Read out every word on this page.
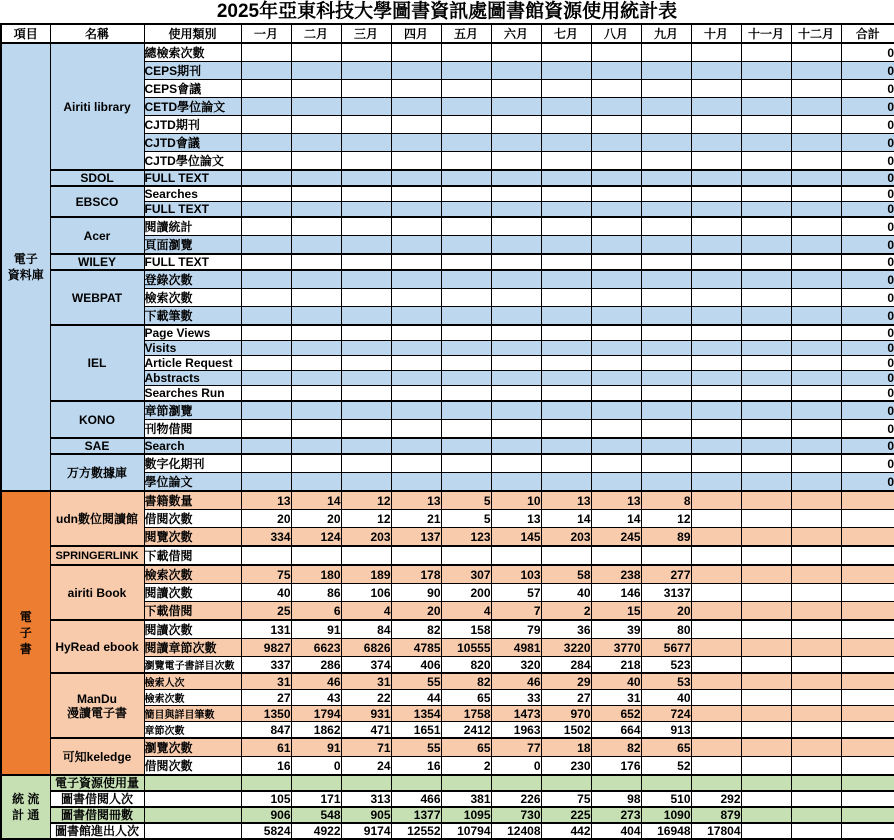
2025年亞東科技大學圖書資訊處圖書館資源使用統計表
項目	名稱	使用類別	一月	二月	三月	四月	五月	六月	七月	八月	九月	十月	十一月	十二月	合計

電子
資料庫	Airiti library	總檢索次數													0
		CEPS期刊													0
		CEPS會議													0
		CETD學位論文													0
		CJTD期刊													0
		CJTD會議													0
		CJTD學位論文													0

	SDOL	FULL TEXT													0

	EBSCO	Searches													0
		FULL TEXT													0

	Acer	閱讀統計													0
		頁面瀏覽													0

	WILEY	FULL TEXT													0

	WEBPAT	登錄次數													0
		檢索次數													0
		下載筆數													0

	IEL	Page Views													0
		Visits													0
		Article Request													0
		Abstracts													0
		Searches Run													0

	KONO	章節瀏覽													0
		刊物借閱													0

	SAE	Search													0

	万方數據庫	數字化期刊													0
		學位論文													0

電
子
書	udn數位閱讀館	書籍數量	13	14	12	13	5	10	13	13	8				
		借閱次數	20	20	12	21	5	13	14	14	12				
		閱覽次數	334	124	203	137	123	145	203	245	89				

	SPRINGERLINK	下載借閱													

	airiti Book	檢索次數	75	180	189	178	307	103	58	238	277				
		閱讀次數	40	86	106	90	200	57	40	146	3137				
		下載借閱	25	6	4	20	4	7	2	15	20				

	HyRead ebook	閱讀次數	131	91	84	82	158	79	36	39	80				
		閱讀章節次數	9827	6623	6826	4785	10555	4981	3220	3770	5677				
		瀏覽電子書詳目次數	337	286	374	406	820	320	284	218	523				

	ManDu
漫讀電子書	檢索人次	31	46	31	55	82	46	29	40	53				
		檢索次數	27	43	22	44	65	33	27	31	40				
		簡目與詳目筆數	1350	1794	931	1354	1758	1473	970	652	724				
		章節次數	847	1862	471	1651	2412	1963	1502	664	913				

	可知keledge	瀏覽次數	61	91	71	55	65	77	18	82	65				
		借閱次數	16	0	24	16	2	0	230	176	52				

統 流
計 通	電子資源使用量														

	圖書借閱人次		105	171	313	466	381	226	75	98	510	292			

	圖書借閱冊數		906	548	905	1377	1095	730	225	273	1090	879			

	圖書館進出人次		5824	4922	9174	12552	10794	12408	442	404	16948	17804			
